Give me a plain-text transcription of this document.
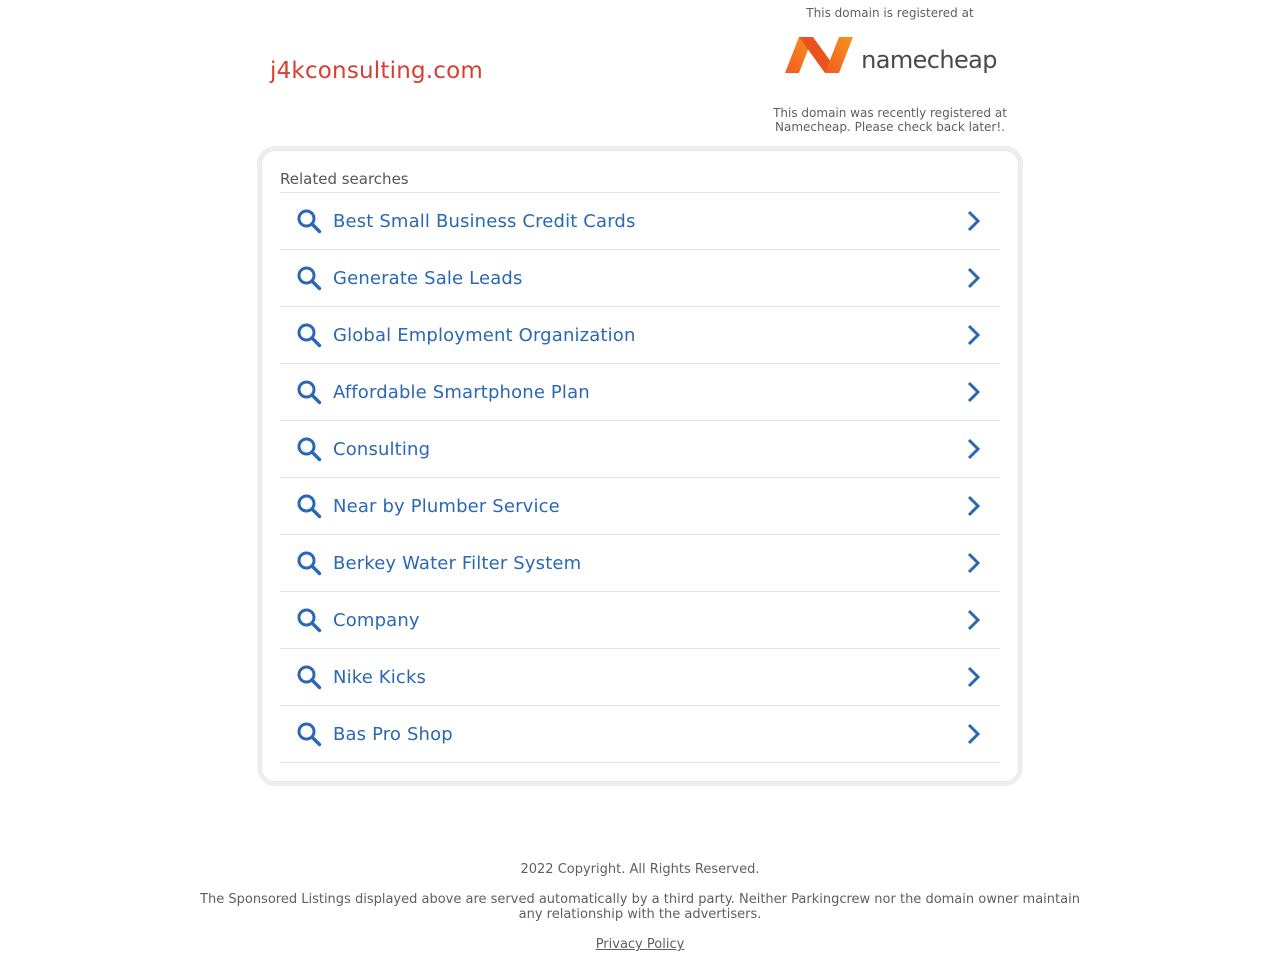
j4kconsulting.com
This domain is registered at
namecheap
This domain was recently registered at Namecheap. Please check back later!.
Related searches
Best Small Business Credit Cards
Generate Sale Leads
Global Employment Organization
Affordable Smartphone Plan
Consulting
Near by Plumber Service
Berkey Water Filter System
Company
Nike Kicks
Bas Pro Shop
2022 Copyright. All Rights Reserved.
The Sponsored Listings displayed above are served automatically by a third party. Neither Parkingcrew nor the domain owner maintain any relationship with the advertisers.
Privacy Policy
